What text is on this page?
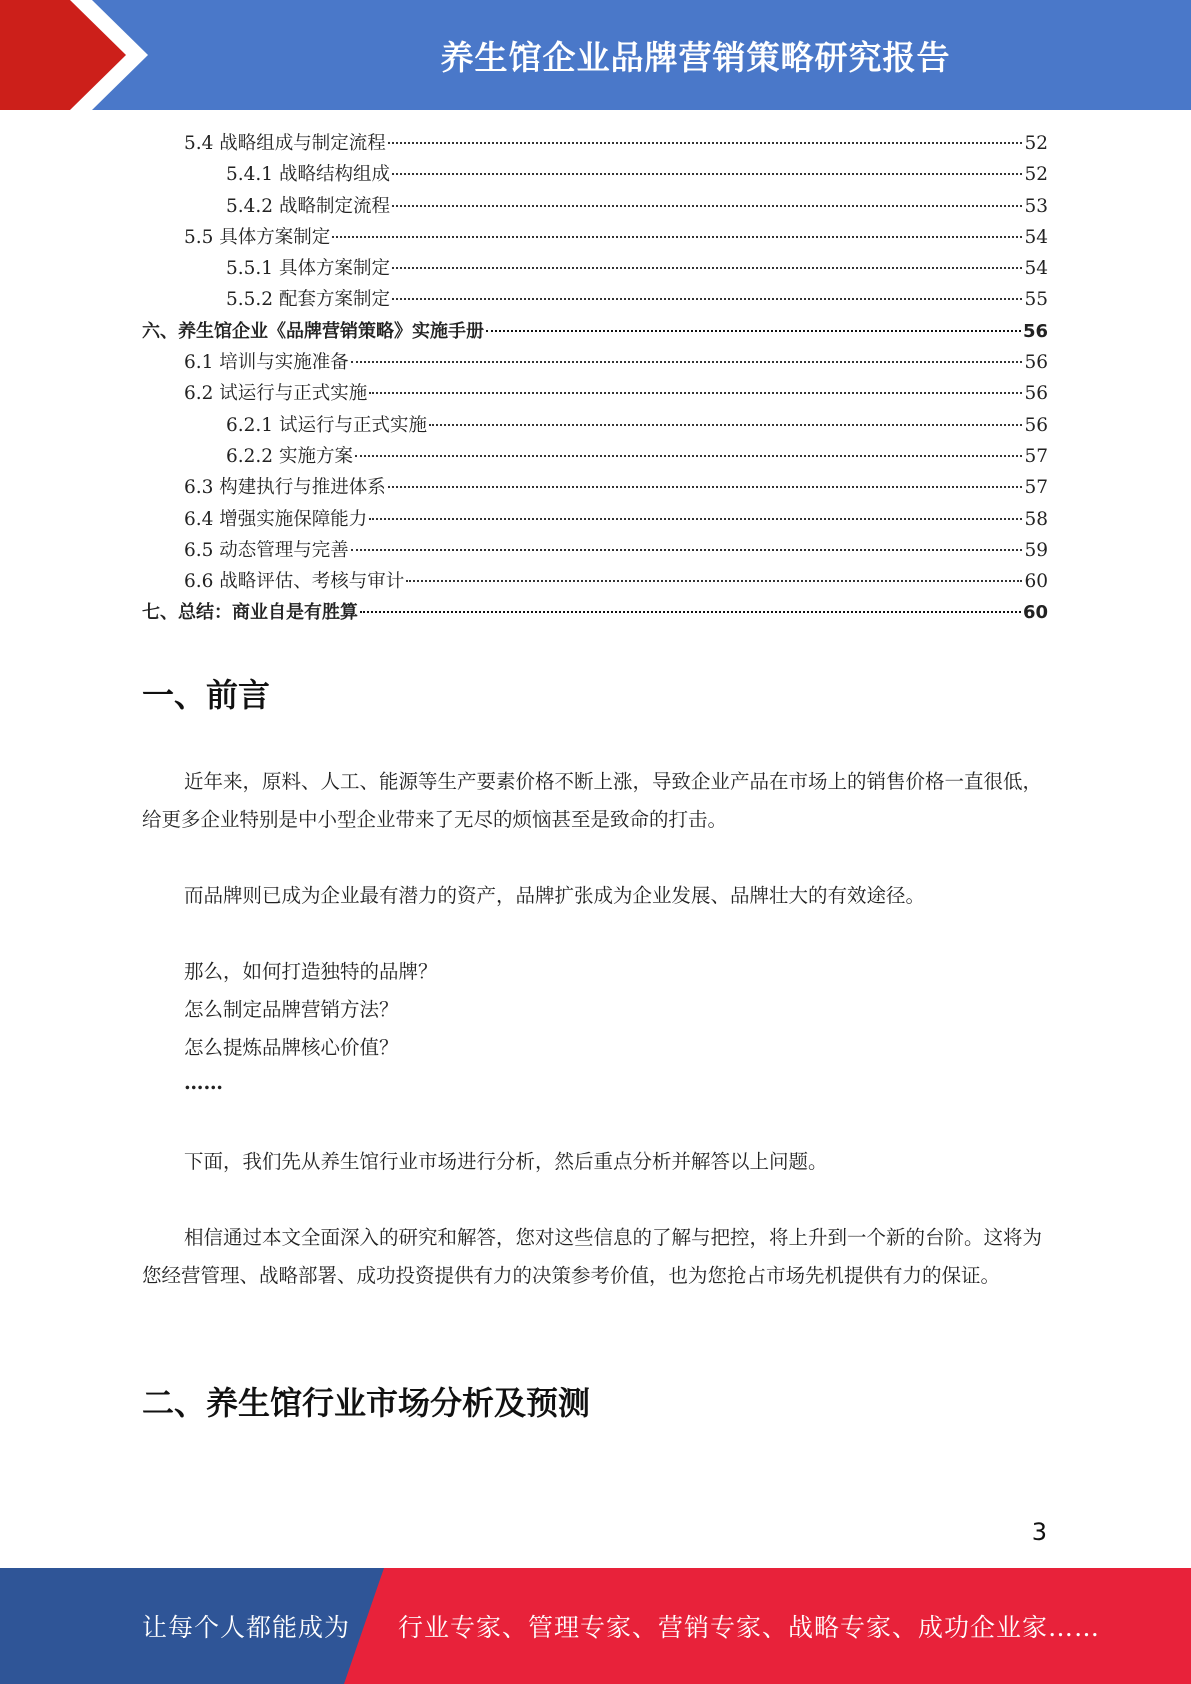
养生馆企业品牌营销策略研究报告
5.4 战略组成与制定流程	52
5.4.1 战略结构组成	52
5.4.2 战略制定流程	53
5.5 具体方案制定	54
5.5.1 具体方案制定	54
5.5.2 配套方案制定	55
六、养生馆企业《品牌营销策略》实施手册	56
6.1 培训与实施准备	56
6.2 试运行与正式实施	56
6.2.1 试运行与正式实施	56
6.2.2 实施方案	57
6.3 构建执行与推进体系	57
6.4 增强实施保障能力	58
6.5 动态管理与完善	59
6.6 战略评估、考核与审计	60
七、总结：商业自是有胜算	60
一、前言

近年来，原料、人工、能源等生产要素价格不断上涨，导致企业产品在市场上的销售价格一直很低，给更多企业特别是中小型企业带来了无尽的烦恼甚至是致命的打击。

而品牌则已成为企业最有潜力的资产，品牌扩张成为企业发展、品牌壮大的有效途径。

那么，如何打造独特的品牌？

怎么制定品牌营销方法？

怎么提炼品牌核心价值？

……

下面，我们先从养生馆行业市场进行分析，然后重点分析并解答以上问题。

相信通过本文全面深入的研究和解答，您对这些信息的了解与把控，将上升到一个新的台阶。这将为您经营管理、战略部署、成功投资提供有力的决策参考价值，也为您抢占市场先机提供有力的保证。

二、养生馆行业市场分析及预测
3
让每个人都能成为 行业专家、管理专家、营销专家、战略专家、成功企业家……
